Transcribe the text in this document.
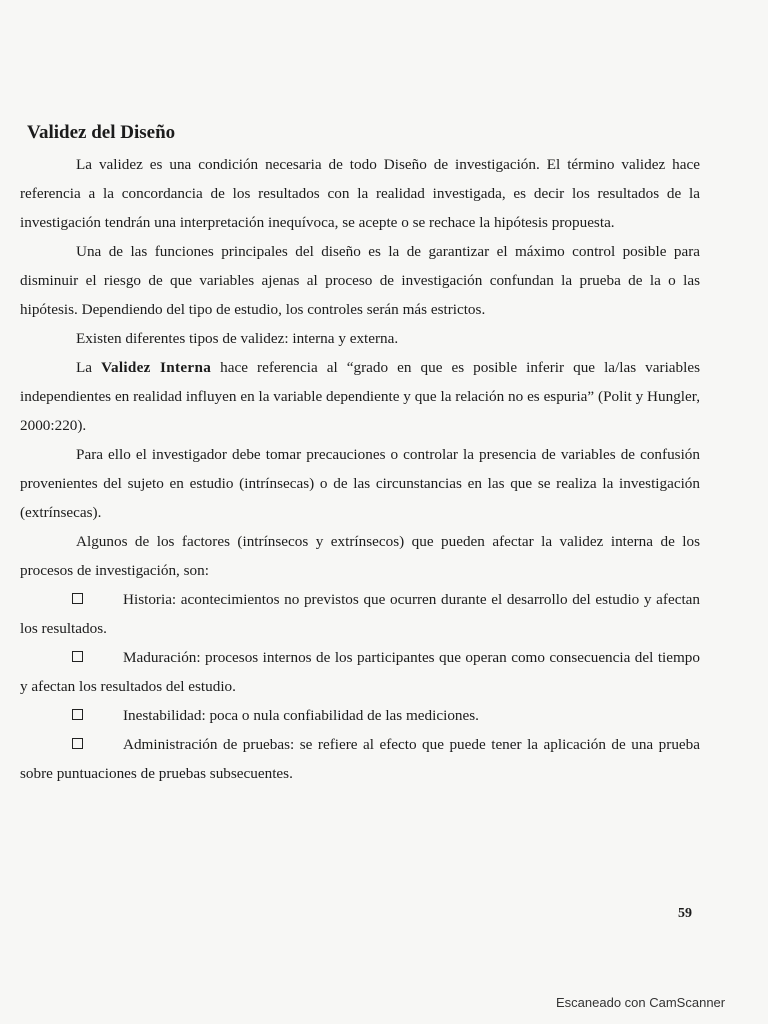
Validez del Diseño

La validez es una condición necesaria de todo Diseño de investigación. El término validez hace referencia a la concordancia de los resultados con la realidad investigada, es decir los resultados de la investigación tendrán una interpretación inequívoca, se acepte o se rechace la hipótesis propuesta.

Una de las funciones principales del diseño es la de garantizar el máximo control posible para disminuir el riesgo de que variables ajenas al proceso de investigación confundan la prueba de la o las hipótesis. Dependiendo del tipo de estudio, los controles serán más estrictos.

Existen diferentes tipos de validez: interna y externa.

La Validez Interna hace referencia al “grado en que es posible inferir que la/las variables independientes en realidad influyen en la variable dependiente y que la relación no es espuria” (Polit y Hungler, 2000:220).

Para ello el investigador debe tomar precauciones o controlar la presencia de variables de confusión provenientes del sujeto en estudio (intrínsecas) o de las circunstancias en las que se realiza la investigación (extrínsecas).

Algunos de los factores (intrínsecos y extrínsecos) que pueden afectar la validez interna de los procesos de investigación, son:

Historia: acontecimientos no previstos que ocurren durante el desarrollo del estudio y afectan los resultados.
Maduración: procesos internos de los participantes que operan como consecuencia del tiempo y afectan los resultados del estudio.
Inestabilidad: poca o nula confiabilidad de las mediciones.
Administración de pruebas: se refiere al efecto que puede tener la aplicación de una prueba sobre puntuaciones de pruebas subsecuentes.
59
Escaneado con CamScanner
